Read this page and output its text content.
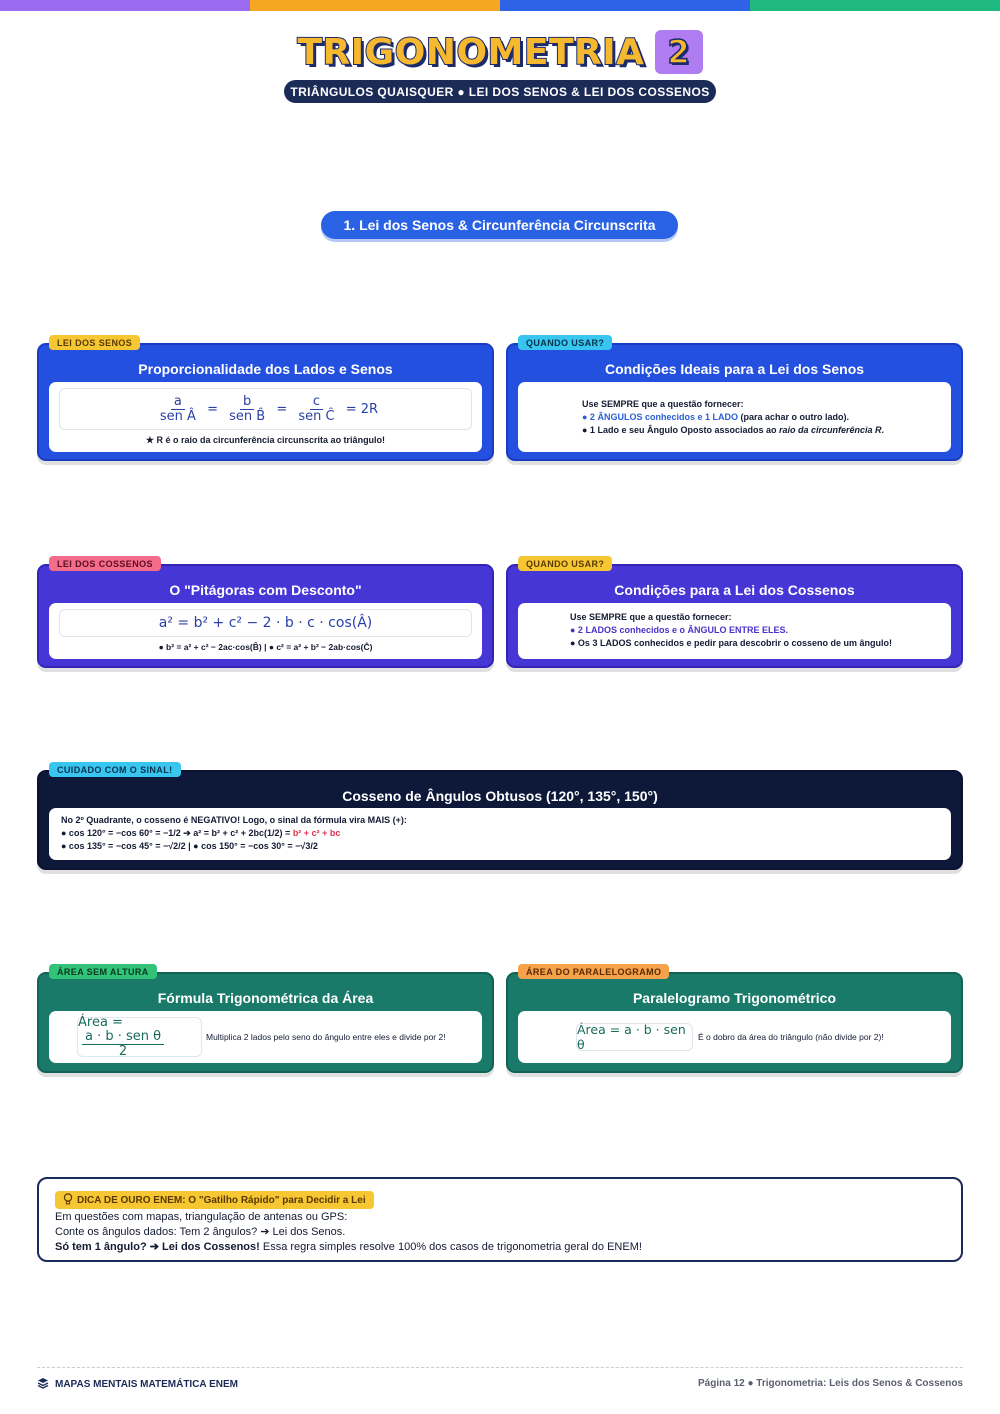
TRIGONOMETRIA 2
TRIÂNGULOS QUAISQUER ● LEI DOS SENOS & LEI DOS COSSENOS
1. Lei dos Senos & Circunferência Circunscrita
LEI DOS SENOS
Proporcionalidade dos Lados e Senos
$\frac{a}{\text{sen Â}} = \frac{b}{\text{sen B̂}} = \frac{c}{\text{sen Ĉ}} = 2R$
★ R é o raio da circunferência circunscrita ao triângulo!
QUANDO USAR?
Condições Ideais para a Lei dos Senos
Use SEMPRE que a questão fornecer:
● 2 ÂNGULOS conhecidos e 1 LADO (para achar o outro lado).
● 1 Lado e seu Ângulo Oposto associados ao raio da circunferência R.
LEI DOS COSSENOS
O "Pitágoras com Desconto"
a² = b² + c² − 2 · b · c · cos(Â)
● b² = a² + c² − 2ac·cos(B̂) | ● c² = a² + b² − 2ab·cos(Ĉ)
QUANDO USAR?
Condições para a Lei dos Cossenos
Use SEMPRE que a questão fornecer:
● 2 LADOS conhecidos e o ÂNGULO ENTRE ELES.
● Os 3 LADOS conhecidos e pedir para descobrir o cosseno de um ângulo!
CUIDADO COM O SINAL!
Cosseno de Ângulos Obtusos (120°, 135°, 150°)
No 2º Quadrante, o cosseno é NEGATIVO! Logo, o sinal da fórmula vira MAIS (+):
● cos 120° = −cos 60° = −1/2 ➔ a² = b² + c² + 2bc(1/2) = b² + c² + bc
● cos 135° = −cos 45° = −√2/2 | ● cos 150° = −cos 30° = −√3/2
ÁREA SEM ALTURA
Fórmula Trigonométrica da Área
Área =
$\frac{\text{a · b · sen θ}}{2}$	Multiplica 2 lados pelo seno do ângulo entre eles e divide por 2!
ÁREA DO PARALELOGRAMO
Paralelogramo Trigonométrico
Área = a · b · sen θ	É o dobro da área do triângulo (não divide por 2)!
DICA DE OURO ENEM: O "Gatilho Rápido" para Decidir a Lei
Em questões com mapas, triangulação de antenas ou GPS:
Conte os ângulos dados: Tem 2 ângulos? ➔ Lei dos Senos.
Só tem 1 ângulo? ➔ Lei dos Cossenos! Essa regra simples resolve 100% dos casos de trigonometria geral do ENEM!
MAPAS MENTAIS MATEMÁTICA ENEM	Página 12 ● Trigonometria: Leis dos Senos & Cossenos
